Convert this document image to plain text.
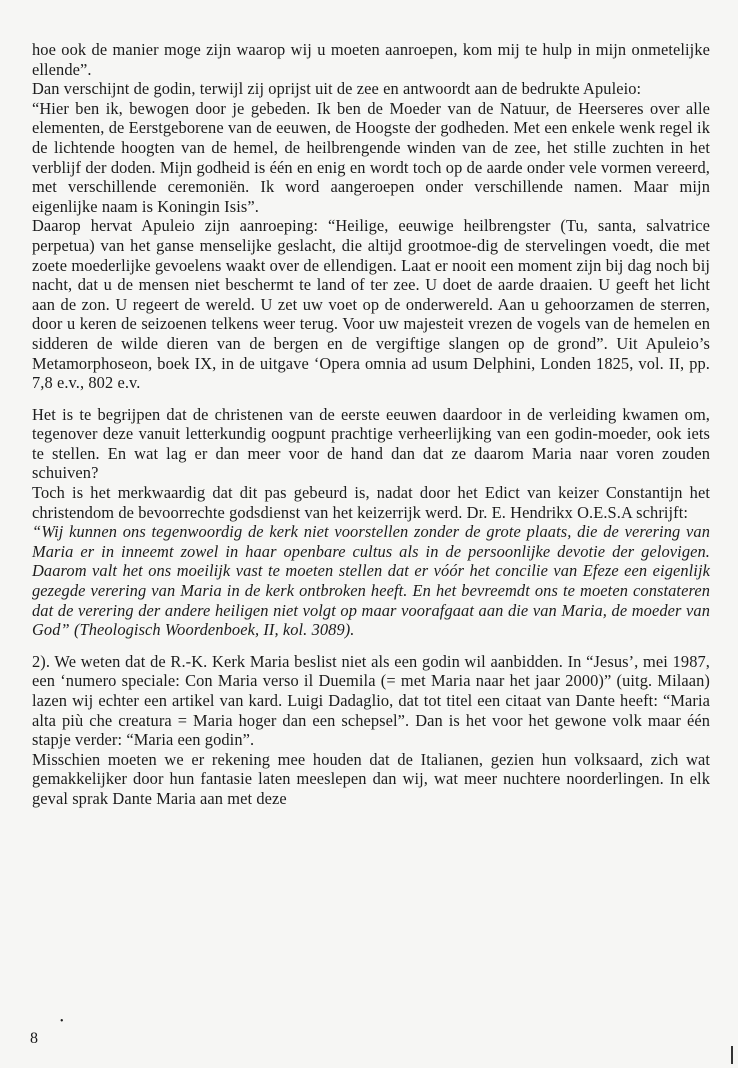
hoe ook de manier moge zijn waarop wij u moeten aanroepen, kom mij te hulp in mijn onmetelijke ellende”.

Dan verschijnt de godin, terwijl zij oprijst uit de zee en antwoordt aan de bedrukte Apuleio:

“Hier ben ik, bewogen door je gebeden. Ik ben de Moeder van de Natuur, de Heerseres over alle elementen, de Eerstgeborene van de eeuwen, de Hoogste der godheden. Met een enkele wenk regel ik de lichtende hoogten van de hemel, de heilbrengende winden van de zee, het stille zuchten in het verblijf der doden. Mijn godheid is één en enig en wordt toch op de aarde onder vele vormen vereerd, met verschillende ceremoniën. Ik word aangeroepen onder verschillende namen. Maar mijn eigenlijke naam is Koningin Isis”.

Daarop hervat Apuleio zijn aanroeping: “Heilige, eeuwige heilbrengster (Tu, santa, salvatrice perpetua) van het ganse menselijke geslacht, die altijd grootmoe-dig de stervelingen voedt, die met zoete moederlijke gevoelens waakt over de ellendigen. Laat er nooit een moment zijn bij dag noch bij nacht, dat u de mensen niet beschermt te land of ter zee. U doet de aarde draaien. U geeft het licht aan de zon. U regeert de wereld. U zet uw voet op de onderwereld. Aan u gehoorzamen de sterren, door u keren de seizoenen telkens weer terug. Voor uw majesteit vrezen de vogels van de hemelen en sidderen de wilde dieren van de bergen en de vergiftige slangen op de grond”. Uit Apuleio’s Metamorphoseon, boek IX, in de uitgave ‘Opera omnia ad usum Delphini, Londen 1825, vol. II, pp. 7,8 e.v., 802 e.v.

Het is te begrijpen dat de christenen van de eerste eeuwen daardoor in de verleiding kwamen om, tegenover deze vanuit letterkundig oogpunt prachtige verheerlijking van een godin-moeder, ook iets te stellen. En wat lag er dan meer voor de hand dan dat ze daarom Maria naar voren zouden schuiven?

Toch is het merkwaardig dat dit pas gebeurd is, nadat door het Edict van keizer Constantijn het christendom de bevoorrechte godsdienst van het keizerrijk werd. Dr. E. Hendrikx O.E.S.A schrijft:

“Wij kunnen ons tegenwoordig de kerk niet voorstellen zonder de grote plaats, die de verering van Maria er in inneemt zowel in haar openbare cultus als in de persoonlijke devotie der gelovigen. Daarom valt het ons moeilijk vast te moeten stellen dat er vóór het concilie van Efeze een eigenlijk gezegde verering van Maria in de kerk ontbroken heeft. En het bevreemdt ons te moeten constateren dat de verering der andere heiligen niet volgt op maar voorafgaat aan die van Maria, de moeder van God” (Theologisch Woordenboek, II, kol. 3089).

2). We weten dat de R.-K. Kerk Maria beslist niet als een godin wil aanbidden. In “Jesus’, mei 1987, een ‘numero speciale: Con Maria verso il Duemila (= met Maria naar het jaar 2000)” (uitg. Milaan) lazen wij echter een artikel van kard. Luigi Dadaglio, dat tot titel een citaat van Dante heeft: “Maria alta più che creatura = Maria hoger dan een schepsel”. Dan is het voor het gewone volk maar één stapje verder: “Maria een godin”.

Misschien moeten we er rekening mee houden dat de Italianen, gezien hun volksaard, zich wat gemakkelijker door hun fantasie laten meeslepen dan wij, wat meer nuchtere noorderlingen. In elk geval sprak Dante Maria aan met deze

•
8
